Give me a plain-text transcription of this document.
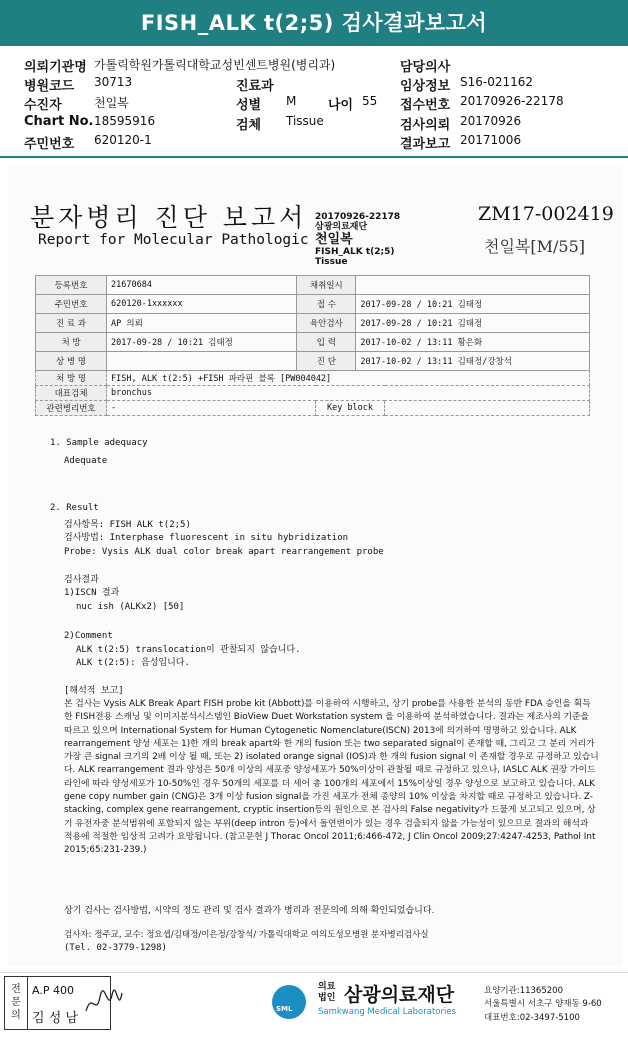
FISH_ALK t(2;5) 검사결과보고서
의뢰기관명 가톨릭학원가톨릭대학교성빈센트병원(병리과)	담당의사
병원코드 30713	진료과	임상정보 S16-021162
수진자	천일복	성별 M 나이 55 접수번호 20170926-22178
Chart No. 18595916	검체 Tissue	검사의뢰 20170926
주민번호 620120-1	결과보고 20171006
분자병리 진단 보고서
Report for Molecular Pathologic
20170926-22178
삼광의료재단
천일복
FISH_ALK t(2;5)
Tissue
ZM17-002419
천일복[M/55]
등록번호	21670684	채취일시	
주민번호	620120-1xxxxxx	접 수	2017-09-28 / 10:21 김태정
진 료 과	AP 의뢰	육안검사	2017-09-28 / 10:21 김태정
처 방	2017-09-28 / 10:21 김태정	입 력	2017-10-02 / 13:11 황은화
상 병 명		진 단	2017-10-02 / 13:11 김태정/강창석
처 방 명	FISH, ALK t(2:5) +FISH 파라핀 블록 [PW004042]		
대표검체	bronchus		
관련병리번호	-	Key block	
1. Sample adequacy
Adequate
2. Result
검사항목: FISH ALK t(2;5)
검사방법: Interphase fluorescent in situ hybridization
Probe: Vysis ALK dual color break apart rearrangement probe
검사결과
1)ISCN 결과
nuc ish (ALKx2) [50]
2)Comment
ALK t(2:5) translocation이 관찰되지 않습니다.
ALK t(2:5): 음성입니다.
[해석적 보고]
본 검사는 Vysis ALK Break Apart FISH probe kit (Abbott)를 이용하여 시행하고, 상기 probe를 사용한 분석의 동반 FDA 승인을 획득한 FISH전용 스캐닝 및 이미지분석시스템인 BioView Duet Workstation system 을 이용하여 분석하였습니다. 결과는 제조사의 기준을 따르고 있으며 International System for Human Cytogenetic Nomenclature(ISCN) 2013에 의거하여 명명하고 있습니다. ALK rearrangement 양성 세포는 1)한 개의 break apart와 한 개의 fusion 또는 two separated signal이 존재할 때, 그리고 그 분리 거리가 가장 큰 signal 크기의 2배 이상 될 때, 또는 2) isolated orange signal (IOS)과 한 개의 fusion signal 이 존재할 경우로 규정하고 있습니다. ALK rearrangement 결과 양성은 50개 이상의 세포중 양성세포가 50%이상이 관찰될 때로 규정하고 있으나, IASLC ALK 권장 가이드라인에 따라 양성세포가 10-50%인 경우 50개의 세포를 더 세어 총 100개의 세포에서 15%이상일 경우 양성으로 보고하고 있습니다. ALK gene copy number gain (CNG)은 3개 이상 fusion signal을 가진 세포가 전체 종양의 10% 이상을 차지할 때로 규정하고 있습니다. Z-stacking, complex gene rearrangement, cryptic insertion등의 원인으로 본 검사의 False negativity가 드물게 보고되고 있으며, 상기 유전자중 분석범위에 포함되지 않는 부위(deep intron 등)에서 돌연변이가 있는 경우 검출되지 않을 가능성이 있으므로 결과의 해석과 적용에 적절한 임상적 고려가 요망됩니다. (참고문헌 J Thorac Oncol 2011;6:466-472, J Clin Oncol 2009;27:4247-4253, Pathol Int 2015;65:231-239.)
상기 검사는 검사방법, 시약의 정도 관리 및 검사 결과가 병리과 전문의에 의해 확인되었습니다.
검사자: 정주교, 교수: 정요셉/김태정/이은정/강창석/ 가톨릭대학교 여의도성모병원 분자병리검사실
(Tel. 02-3779-1298)
전문의
A.P 400
김 성 남
SML
의료
법인 삼광의료재단
Samkwang Medical Laboratories
요양기관:11365200
서울특별시 서초구 양재동 9-60
대표번호:02-3497-5100
